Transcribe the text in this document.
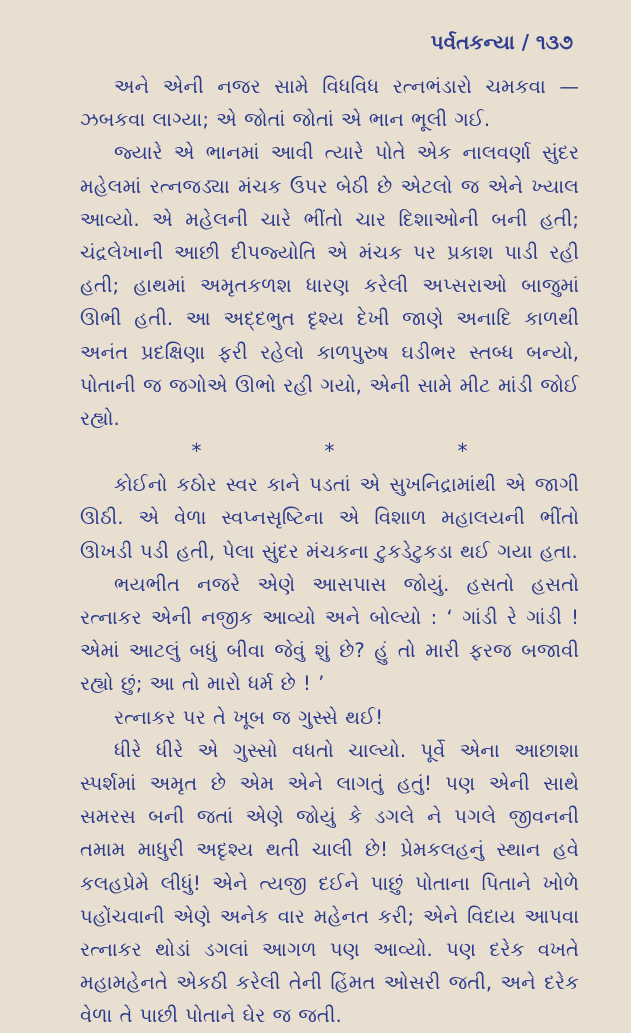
પર્વતકન્યા / ૧૩૭

અને એની નજર સામે વિધવિધ રત્નભંડારો ચમકવા — ઝબકવા લાગ્યા; એ જોતાં જોતાં એ ભાન ભૂલી ગઈ.

જ્યારે એ ભાનમાં આવી ત્યારે પોતે એક નાલવર્ણા સુંદર મહેલમાં રત્નજડ્યા મંચક ઉપર બેઠી છે એટલો જ એને ખ્યાલ આવ્યો. એ મહેલની ચારે ભીંતો ચાર દિશાઓની બની હતી; ચંદ્રલેખાની આછી દીપજ્યોતિ એ મંચક પર પ્રકાશ પાડી રહી હતી; હાથમાં અમૃતકળશ ધારણ કરેલી અપ્સરાઓ બાજુમાં ઊભી હતી. આ અદ્દભુત દૃશ્ય દેખી જાણે અનાદિ કાળથી અનંત પ્રદક્ષિણા ફરી રહેલો કાળપુરુષ ઘડીભર સ્તબ્ધ બન્યો, પોતાની જ જગોએ ઊભો રહી ગયો, એની સામે મીટ માંડી જોઈ રહ્યો.

*	*	*

કોઈનો કઠોર સ્વર કાને પડતાં એ સુખનિદ્રામાંથી એ જાગી ઊઠી. એ વેળા સ્વપ્નસૃષ્ટિના એ વિશાળ મહાલયની ભીંતો ઊખડી પડી હતી, પેલા સુંદર મંચકના ટુકડેટુકડા થઈ ગયા હતા.

ભયભીત નજરે એણે આસપાસ જોયું. હસતો હસતો રત્નાકર એની નજીક આવ્યો અને બોલ્યો : ‘ ગાંડી રે ગાંડી ! એમાં આટલું બધું બીવા જેવું શું છે? હું તો મારી ફરજ બજાવી રહ્યો છું; આ તો મારો ધર્મ છે ! ’

રત્નાકર પર તે ખૂબ જ ગુસ્સે થઈ!

ધીરે ધીરે એ ગુસ્સો વધતો ચાલ્યો. પૂર્વે એના આછાશા સ્પર્શમાં અમૃત છે એમ એને લાગતું હતું! પણ એની સાથે સમરસ બની જતાં એણે જોયું કે ડગલે ને પગલે જીવનની તમામ માધુરી અદૃશ્ય થતી ચાલી છે! પ્રેમકલહનું સ્થાન હવે કલહપ્રેમે લીધું! એને ત્યજી દઈને પાછું પોતાના પિતાને ખોળે પહોંચવાની એણે અનેક વાર મહેનત કરી; એને વિદાય આપવા રત્નાકર થોડાં ડગલાં આગળ પણ આવ્યો. પણ દરેક વખતે મહામહેનતે એકઠી કરેલી તેની હિંમત ઓસરી જતી, અને દરેક વેળા તે પાછી પોતાને ઘેર જ જતી.
